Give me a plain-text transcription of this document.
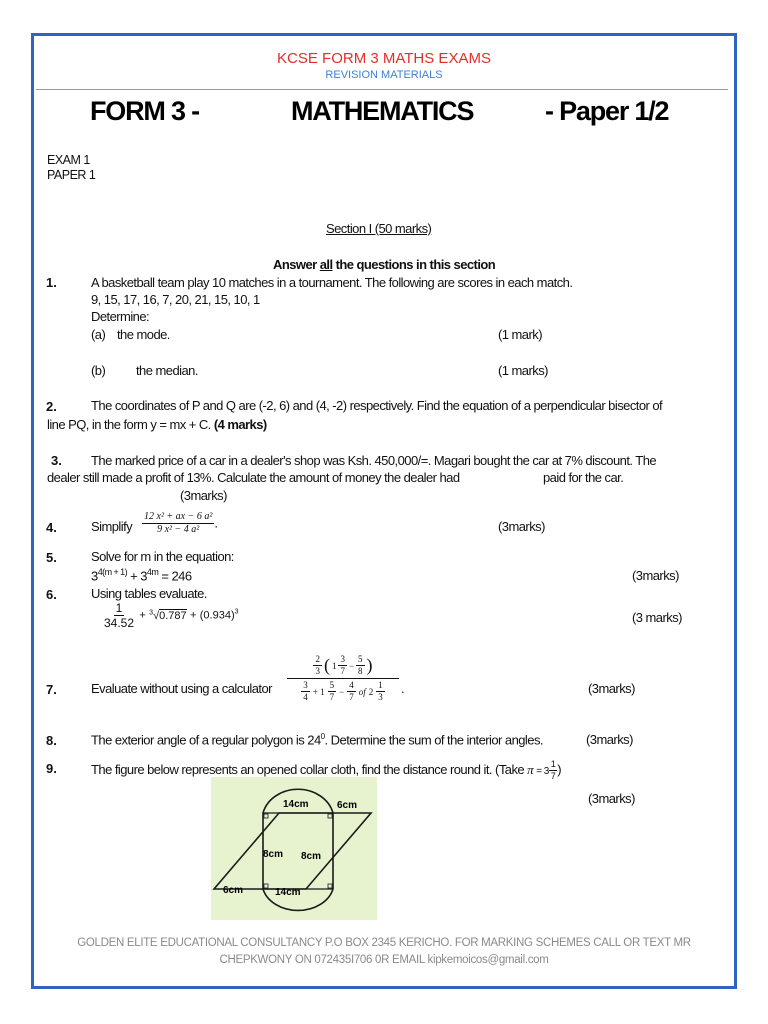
KCSE FORM 3 MATHS EXAMS
REVISION MATERIALS
FORM 3 -	MATHEMATICS	- Paper 1/2
EXAM 1
PAPER 1
Section I (50 marks)
Answer all the questions in this section
1.	A basketball team play 10 matches in a tournament. The following are scores in each match.
9, 15, 17, 16, 7, 20, 21, 15, 10, 1
Determine:
(a) the mode.	(1 mark)
(b) the median.	(1 marks)
2.	The coordinates of P and Q are (-2, 6) and (4, -2) respectively. Find the equation of a perpendicular bisector of
line PQ, in the form y = mx + C. (4 marks)
3. The marked price of a car in a dealer's shop was Ksh. 450,000/=. Magari bought the car at 7% discount. The
dealer still made a profit of 13%. Calculate the amount of money the dealer had	paid for the car.
(3marks)
4.	Simplify $\frac{\text{12 x² + ax − 6 a²}}{\text{9 x² − 4 a²}}$ .	(3marks)
5.	Solve for m in the equation:
$3^{4(m + 1)} + 3^{4m} = 246$	(3marks)
6.	Using tables evaluate.
$\frac{1}{34.52} + ^3√0.787 + (0.934)^3$	(3 marks)
7.	Evaluate without using a calculator
$\frac{2}{3}$ ( $1 \frac{3}{7} - \frac{5}{8}$ )
$\frac{3}{4} + 1 \frac{5}{7} - \frac{4}{7}$ of $2 \frac{1}{3}$ .	(3marks)
8.	The exterior angle of a regular polygon is $24^0$. Determine the sum of the interior angles.	(3marks)
9.	The figure below represents an opened collar cloth, find the distance round it. (Take $\pi = 3 \frac{1}{7}$ )
(3marks)
14cm	6cm
8cm 8cm
6cm	14cm
GOLDEN ELITE EDUCATIONAL CONSULTANCY P.O BOX 2345 KERICHO. FOR MARKING SCHEMES CALL OR TEXT MR
CHEPKWONY ON 072435I706 0R EMAIL kipkemoicos@gmail.com
